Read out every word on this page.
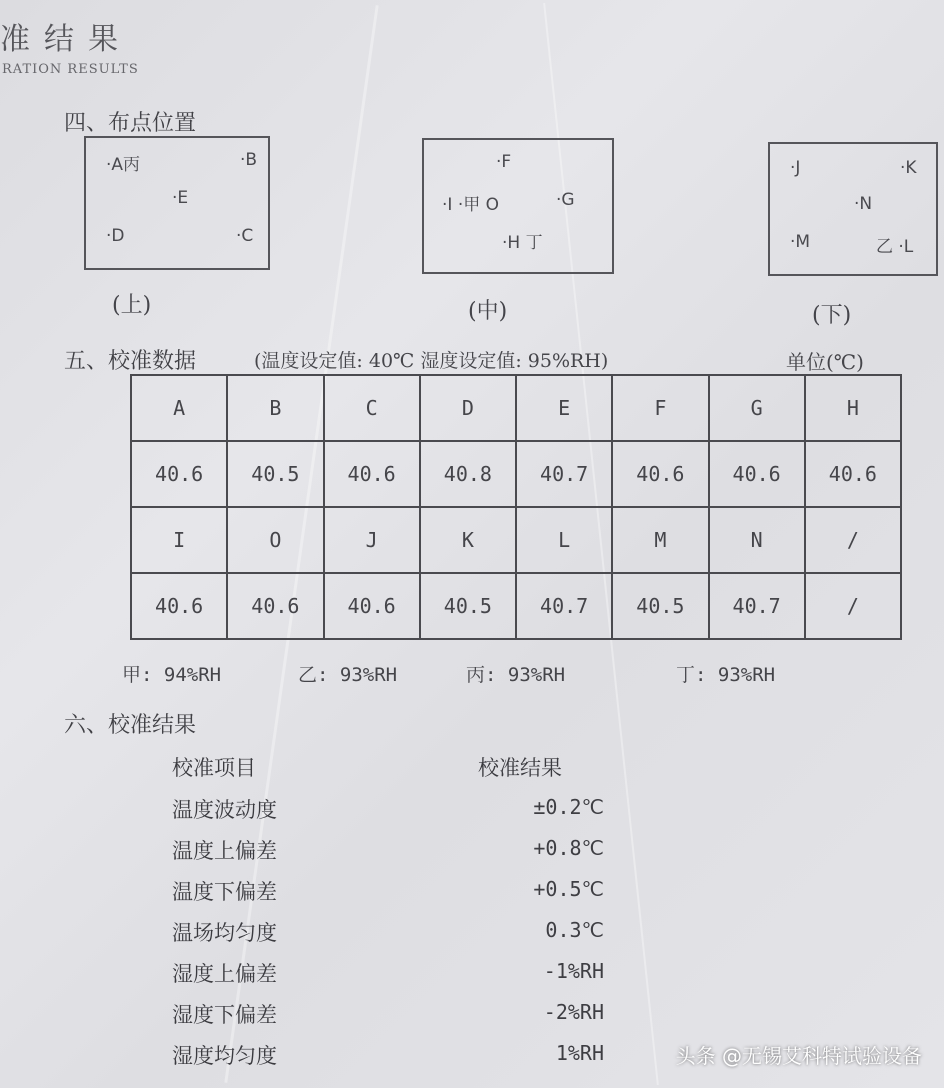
准结果
RATION RESULTS
四、布点位置
·A丙	·B
·E
·D	·C
(上)
·F
·I ·甲 O	·G
·H 丁
(中)
·J	·K
·N
·M	乙 ·L
(下)
五、校准数据	(温度设定值: 40℃ 湿度设定值: 95%RH)	单位(℃)
A	B	C	D	E	F	G	H
40.6	40.5	40.6	40.8	40.7	40.6	40.6	40.6
I	O	J	K	L	M	N	/
40.6	40.6	40.6	40.5	40.7	40.5	40.7	/
甲: 94%RH	乙: 93%RH	丙: 93%RH	丁: 93%RH
六、校准结果
校准项目	校准结果
温度波动度	±0.2℃
温度上偏差	+0.8℃
温度下偏差	+0.5℃
温场均匀度	0.3℃
湿度上偏差	-1%RH
湿度下偏差	-2%RH
湿度均匀度	1%RH	头条 @无锡艾科特试验设备
